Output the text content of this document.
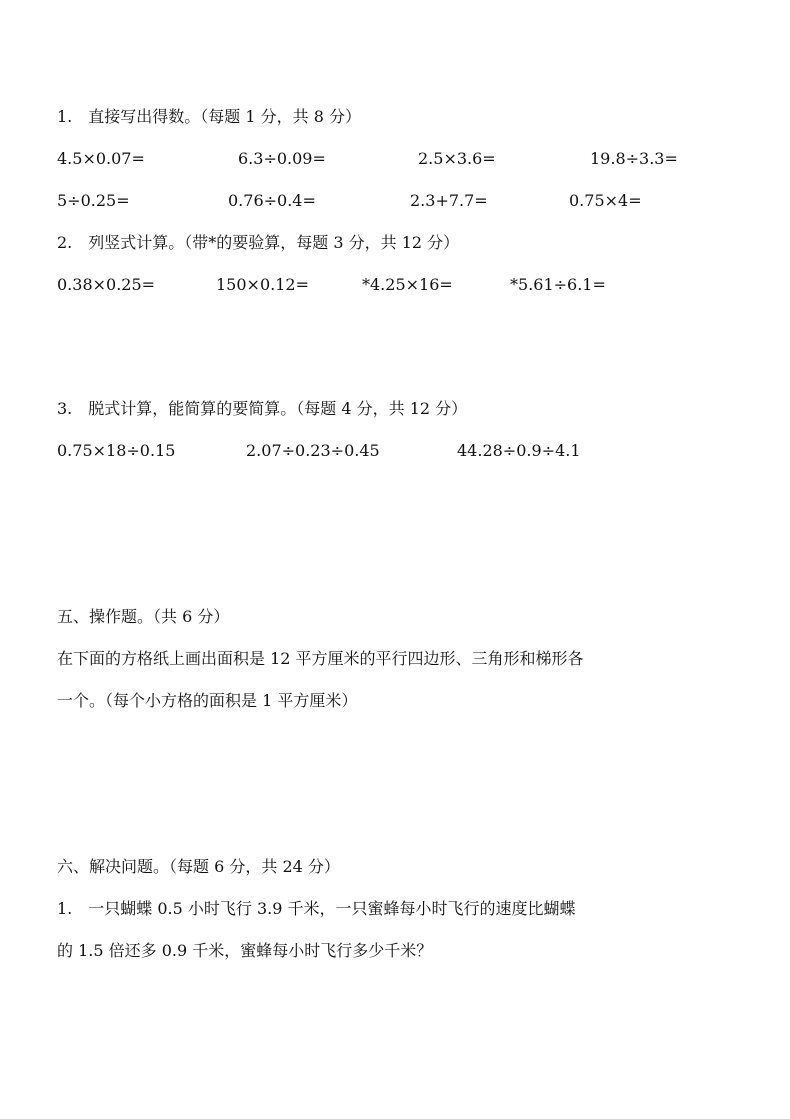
1.　直接写出得数。（每题 1 分，共 8 分）
4.5×0.07=	6.3÷0.09=	2.5×3.6=	19.8÷3.3=
5÷0.25=	0.76÷0.4=	2.3+7.7=	0.75×4=
2.　列竖式计算。（带*的要验算，每题 3 分，共 12 分）
0.38×0.25=	150×0.12=	*4.25×16=	*5.61÷6.1=
3.　脱式计算，能简算的要简算。（每题 4 分，共 12 分）
0.75×18÷0.15	2.07÷0.23÷0.45	44.28÷0.9÷4.1
五、操作题。（共 6 分）
在下面的方格纸上画出面积是 12 平方厘米的平行四边形、三角形和梯形各
一个。（每个小方格的面积是 1 平方厘米）
六、解决问题。（每题 6 分，共 24 分）
1.　一只蝴蝶 0.5 小时飞行 3.9 千米，一只蜜蜂每小时飞行的速度比蝴蝶
的 1.5 倍还多 0.9 千米，蜜蜂每小时飞行多少千米？
